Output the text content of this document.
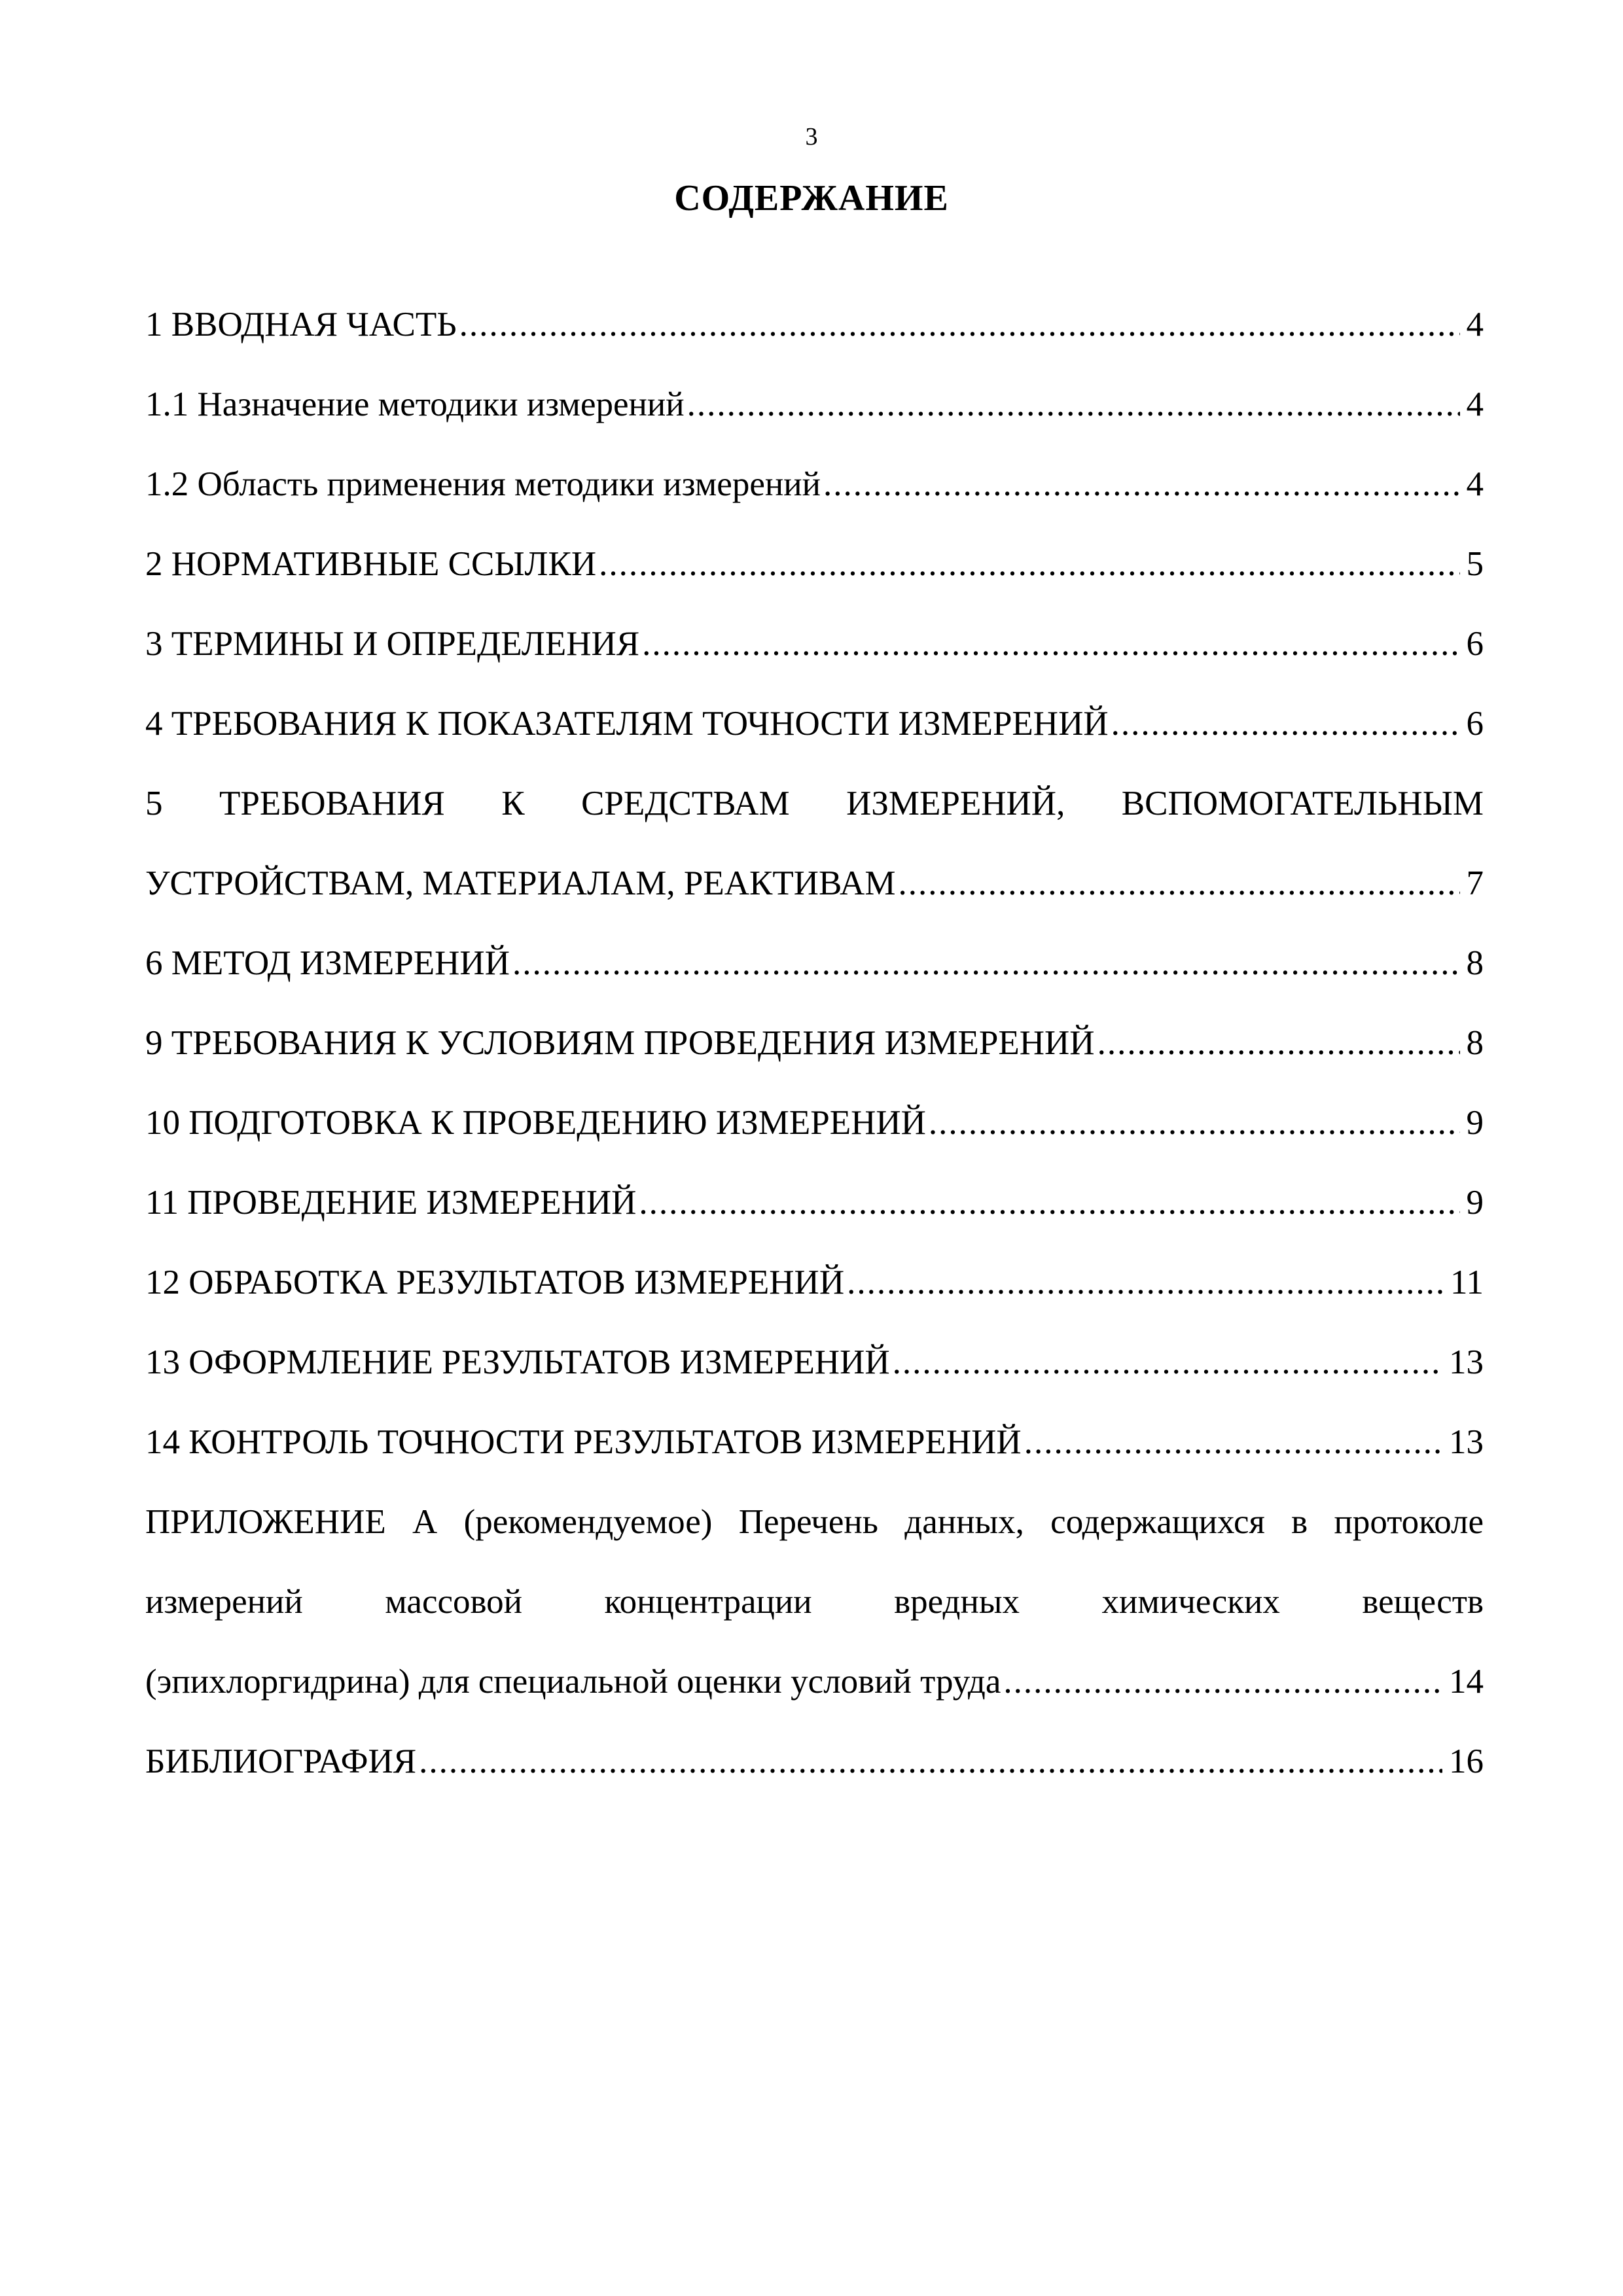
3
СОДЕРЖАНИЕ
1 ВВОДНАЯ ЧАСТЬ .....	4
1.1 Назначение методики измерений .....	4
1.2 Область применения методики измерений .....	4
2 НОРМАТИВНЫЕ ССЫЛКИ .....	5
3 ТЕРМИНЫ И ОПРЕДЕЛЕНИЯ .....	6
4 ТРЕБОВАНИЯ К ПОКАЗАТЕЛЯМ ТОЧНОСТИ ИЗМЕРЕНИЙ .....	6
5 ТРЕБОВАНИЯ К СРЕДСТВАМ ИЗМЕРЕНИЙ, ВСПОМОГАТЕЛЬНЫМ
УСТРОЙСТВАМ, МАТЕРИАЛАМ, РЕАКТИВАМ .....	7
6 МЕТОД ИЗМЕРЕНИЙ .....	8
9 ТРЕБОВАНИЯ К УСЛОВИЯМ ПРОВЕДЕНИЯ ИЗМЕРЕНИЙ .....	8
10 ПОДГОТОВКА К ПРОВЕДЕНИЮ ИЗМЕРЕНИЙ .....	9
11 ПРОВЕДЕНИЕ ИЗМЕРЕНИЙ .....	9
12 ОБРАБОТКА РЕЗУЛЬТАТОВ ИЗМЕРЕНИЙ .....	11
13 ОФОРМЛЕНИЕ РЕЗУЛЬТАТОВ ИЗМЕРЕНИЙ .....	13
14 КОНТРОЛЬ ТОЧНОСТИ РЕЗУЛЬТАТОВ ИЗМЕРЕНИЙ .....	13
ПРИЛОЖЕНИЕ А (рекомендуемое) Перечень данных, содержащихся в протоколе
измерений массовой концентрации вредных химических веществ
(эпихлоргидрина) для специальной оценки условий труда .....	14
БИБЛИОГРАФИЯ .....	16
